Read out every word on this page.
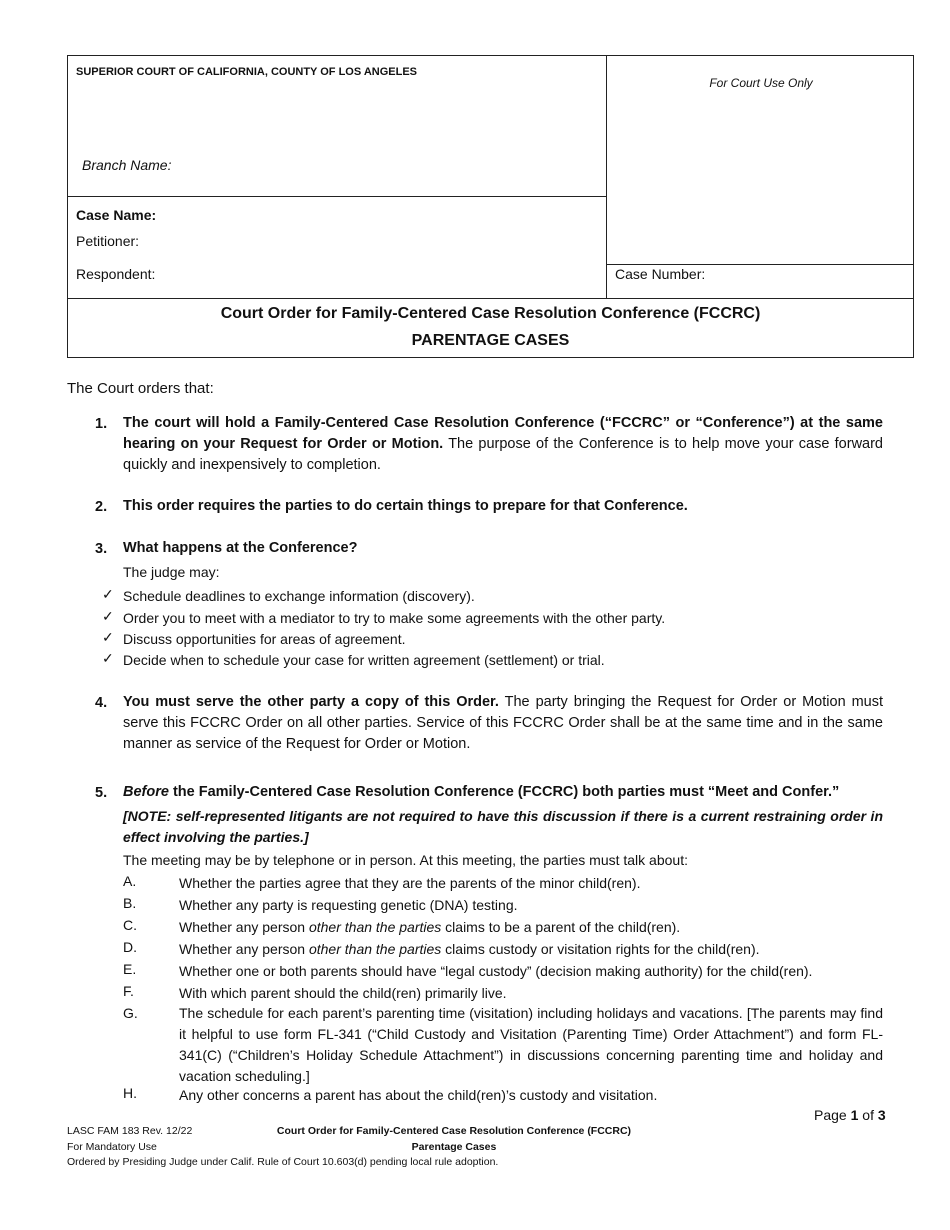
SUPERIOR COURT OF CALIFORNIA, COUNTY OF LOS ANGELES
For Court Use Only
Branch Name:
Case Name:
Petitioner:
Respondent:	Case Number:
Court Order for Family-Centered Case Resolution Conference (FCCRC)
PARENTAGE CASES
The Court orders that:
1. The court will hold a Family-Centered Case Resolution Conference (“FCCRC” or “Conference”) at the same hearing on your Request for Order or Motion. The purpose of the Conference is to help move your case forward quickly and inexpensively to completion.
2. This order requires the parties to do certain things to prepare for that Conference.
3. What happens at the Conference?
The judge may:
✓ Schedule deadlines to exchange information (discovery).
✓ Order you to meet with a mediator to try to make some agreements with the other party.
✓ Discuss opportunities for areas of agreement.
✓ Decide when to schedule your case for written agreement (settlement) or trial.
4. You must serve the other party a copy of this Order. The party bringing the Request for Order or Motion must serve this FCCRC Order on all other parties. Service of this FCCRC Order shall be at the same time and in the same manner as service of the Request for Order or Motion.
5. Before the Family-Centered Case Resolution Conference (FCCRC) both parties must “Meet and Confer.”
[NOTE: self-represented litigants are not required to have this discussion if there is a current restraining order in effect involving the parties.]
The meeting may be by telephone or in person. At this meeting, the parties must talk about:
A.	Whether the parties agree that they are the parents of the minor child(ren).
B.	Whether any party is requesting genetic (DNA) testing.
C.	Whether any person other than the parties claims to be a parent of the child(ren).
D.	Whether any person other than the parties claims custody or visitation rights for the child(ren).
E.	Whether one or both parents should have “legal custody” (decision making authority) for the child(ren).
F.	With which parent should the child(ren) primarily live.
G.	The schedule for each parent’s parenting time (visitation) including holidays and vacations. [The parents may find it helpful to use form FL-341 (“Child Custody and Visitation (Parenting Time) Order Attachment”) and form FL-341(C) (“Children’s Holiday Schedule Attachment”) in discussions concerning parenting time and holiday and vacation scheduling.]
H.	Any other concerns a parent has about the child(ren)’s custody and visitation.
Page 1 of 3
LASC FAM 183 Rev. 12/22
For Mandatory Use
Ordered by Presiding Judge under Calif. Rule of Court 10.603(d) pending local rule adoption.
Court Order for Family-Centered Case Resolution Conference (FCCRC)
Parentage Cases
